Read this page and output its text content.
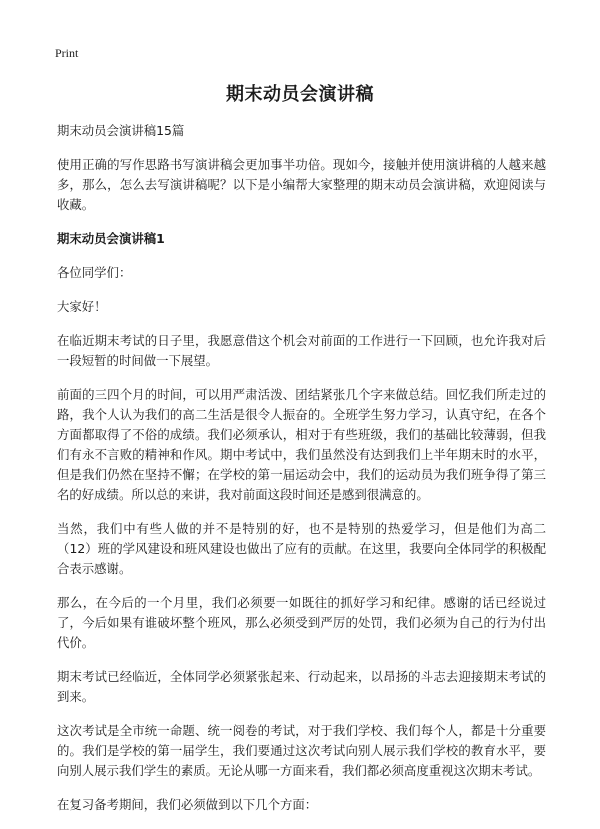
Print
期末动员会演讲稿

期末动员会演讲稿15篇

使用正确的写作思路书写演讲稿会更加事半功倍。现如今，接触并使用演讲稿的人越来越多，那么，怎么去写演讲稿呢？以下是小编帮大家整理的期末动员会演讲稿，欢迎阅读与收藏。

期末动员会演讲稿1

各位同学们：

大家好！

在临近期末考试的日子里，我愿意借这个机会对前面的工作进行一下回顾，也允许我对后一段短暂的时间做一下展望。

前面的三四个月的时间，可以用严肃活泼、团结紧张几个字来做总结。回忆我们所走过的路，我个人认为我们的高二生活是很令人振奋的。全班学生努力学习，认真守纪，在各个方面都取得了不俗的成绩。我们必须承认，相对于有些班级，我们的基础比较薄弱，但我们有永不言败的精神和作风。期中考试中，我们虽然没有达到我们上半年期末时的水平，但是我们仍然在坚持不懈；在学校的第一届运动会中，我们的运动员为我们班争得了第三名的好成绩。所以总的来讲，我对前面这段时间还是感到很满意的。

当然，我们中有些人做的并不是特别的好，也不是特别的热爱学习，但是他们为高二（12）班的学风建设和班风建设也做出了应有的贡献。在这里，我要向全体同学的积极配合表示感谢。

那么，在今后的一个月里，我们必须要一如既往的抓好学习和纪律。感谢的话已经说过了，今后如果有谁破坏整个班风，那么必须受到严厉的处罚，我们必须为自己的行为付出代价。

期末考试已经临近，全体同学必须紧张起来、行动起来，以昂扬的斗志去迎接期末考试的到来。

这次考试是全市统一命题、统一阅卷的考试，对于我们学校、我们每个人，都是十分重要的。我们是学校的第一届学生，我们要通过这次考试向别人展示我们学校的教育水平，要向别人展示我们学生的素质。无论从哪一方面来看，我们都必须高度重视这次期末考试。

在复习备考期间，我们必须做到以下几个方面：
